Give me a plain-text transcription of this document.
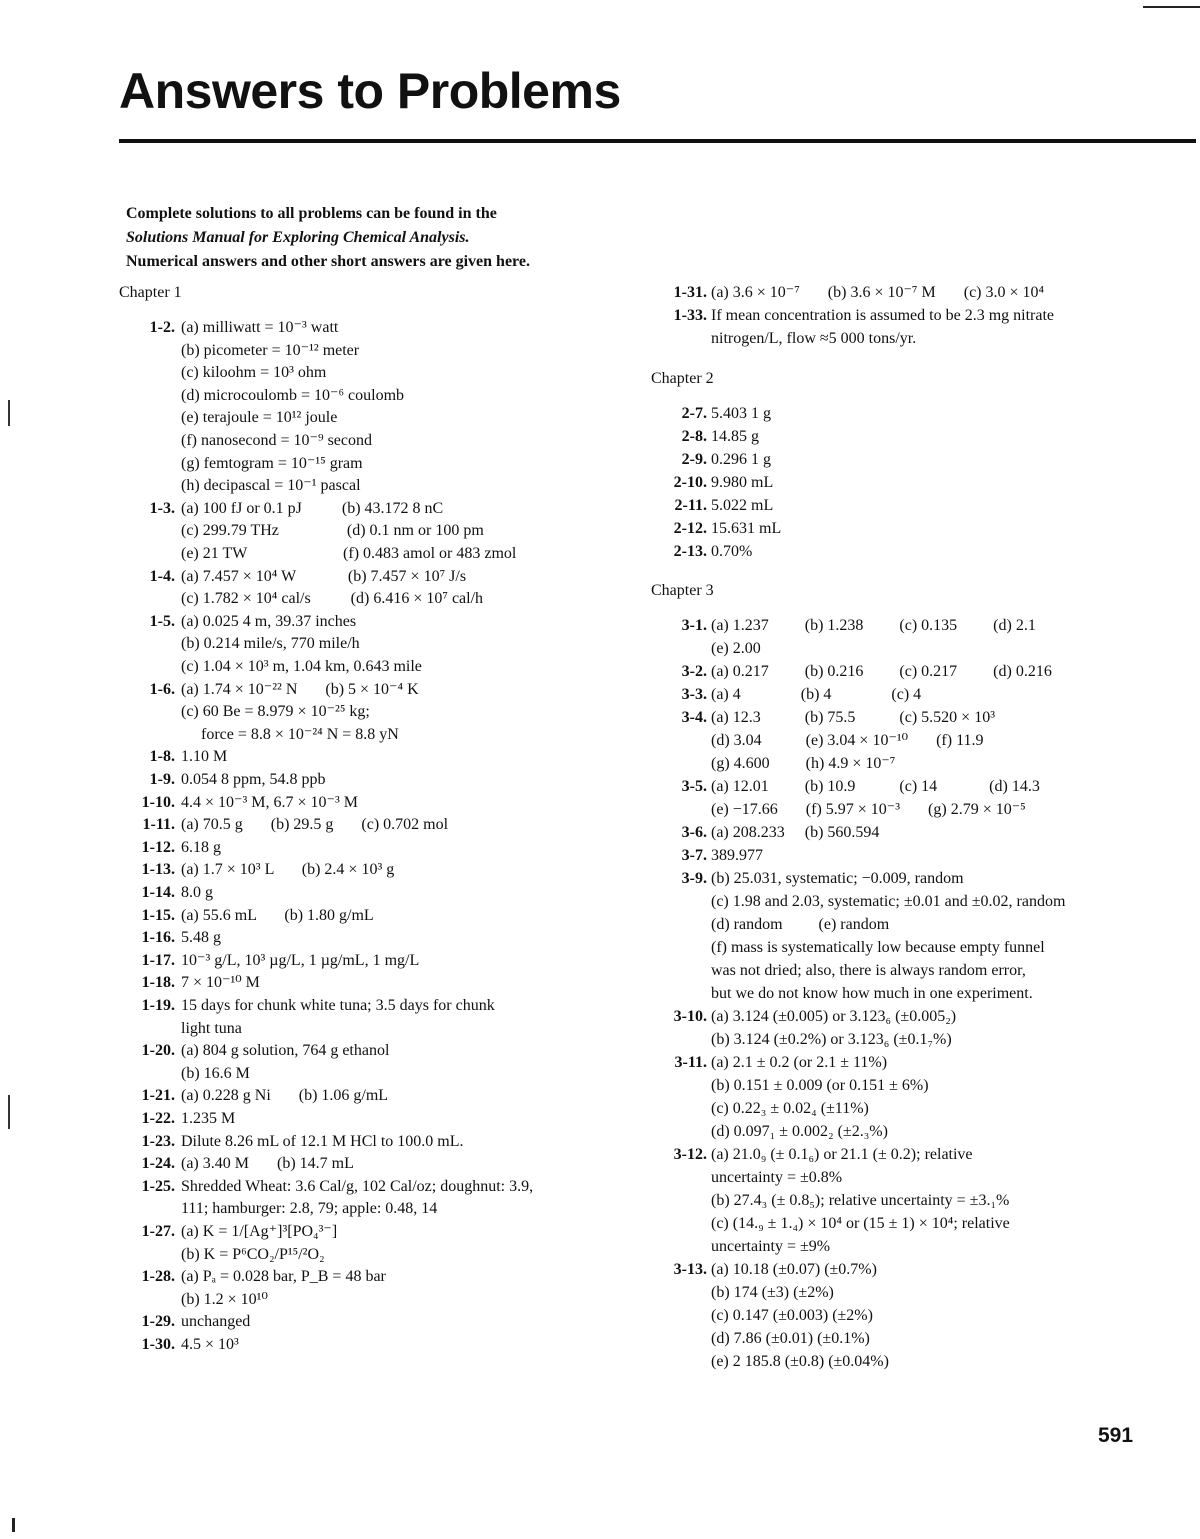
Answers to Problems
Complete solutions to all problems can be found in the
Solutions Manual for Exploring Chemical Analysis.
Numerical answers and other short answers are given here.
Chapter 1
1-2. (a) milliwatt = 10⁻³ watt
(b) picometer = 10⁻¹² meter
(c) kiloohm = 10³ ohm
(d) microcoulomb = 10⁻⁶ coulomb
(e) terajoule = 10¹² joule
(f) nanosecond = 10⁻⁹ second
(g) femtogram = 10⁻¹⁵ gram
(h) decipascal = 10⁻¹ pascal
1-3. (a) 100 fJ or 0.1 pJ          (b) 43.172 8 nC
(c) 299.79 THz                 (d) 0.1 nm or 100 pm
(e) 21 TW                        (f) 0.483 amol or 483 zmol
1-4. (a) 7.457 × 10⁴ W             (b) 7.457 × 10⁷ J/s
(c) 1.782 × 10⁴ cal/s          (d) 6.416 × 10⁷ cal/h
1-5. (a) 0.025 4 m, 39.37 inches
(b) 0.214 mile/s, 770 mile/h
(c) 1.04 × 10³ m, 1.04 km, 0.643 mile
1-6. (a) 1.74 × 10⁻²² N       (b) 5 × 10⁻⁴ K
(c) 60 Be = 8.979 × 10⁻²⁵ kg;
force = 8.8 × 10⁻²⁴ N = 8.8 yN
1-8. 1.10 M
1-9. 0.054 8 ppm, 54.8 ppb
1-10. 4.4 × 10⁻³ M, 6.7 × 10⁻³ M
1-11. (a) 70.5 g       (b) 29.5 g       (c) 0.702 mol
1-12. 6.18 g
1-13. (a) 1.7 × 10³ L       (b) 2.4 × 10³ g
1-14. 8.0 g
1-15. (a) 55.6 mL       (b) 1.80 g/mL
1-16. 5.48 g
1-17. 10⁻³ g/L, 10³ µg/L, 1 µg/mL, 1 mg/L
1-18. 7 × 10⁻¹⁰ M
1-19. 15 days for chunk white tuna; 3.5 days for chunk
light tuna
1-20. (a) 804 g solution, 764 g ethanol
(b) 16.6 M
1-21. (a) 0.228 g Ni       (b) 1.06 g/mL
1-22. 1.235 M
1-23. Dilute 8.26 mL of 12.1 M HCl to 100.0 mL.
1-24. (a) 3.40 M       (b) 14.7 mL
1-25. Shredded Wheat: 3.6 Cal/g, 102 Cal/oz; doughnut: 3.9,
111; hamburger: 2.8, 79; apple: 0.48, 14
1-27. (a) K = 1/[Ag⁺]³[PO₄³⁻]
(b) K = P⁶CO₂/P¹⁵/²O₂
1-28. (a) Pₐ = 0.028 bar, P_B = 48 bar
(b) 1.2 × 10¹⁰
1-29. unchanged
1-30. 4.5 × 10³
Chapter 2
Chapter 3
1-31. (a) 3.6 × 10⁻⁷       (b) 3.6 × 10⁻⁷ M       (c) 3.0 × 10⁴
1-33. If mean concentration is assumed to be 2.3 mg nitrate
nitrogen/L, flow ≈5 000 tons/yr.
2-7. 5.403 1 g
2-8. 14.85 g
2-9. 0.296 1 g
2-10. 9.980 mL
2-11. 5.022 mL
2-12. 15.631 mL
2-13. 0.70%
3-1. (a) 1.237         (b) 1.238         (c) 0.135         (d) 2.1
(e) 2.00
3-2. (a) 0.217         (b) 0.216         (c) 0.217         (d) 0.216
3-3. (a) 4               (b) 4               (c) 4
3-4. (a) 12.3           (b) 75.5           (c) 5.520 × 10³
(d) 3.04           (e) 3.04 × 10⁻¹⁰       (f) 11.9
(g) 4.600         (h) 4.9 × 10⁻⁷
3-5. (a) 12.01         (b) 10.9           (c) 14             (d) 14.3
(e) −17.66       (f) 5.97 × 10⁻³       (g) 2.79 × 10⁻⁵
3-6. (a) 208.233     (b) 560.594
3-7. 389.977
3-9. (b) 25.031, systematic; −0.009, random
(c) 1.98 and 2.03, systematic; ±0.01 and ±0.02, random
(d) random         (e) random
(f) mass is systematically low because empty funnel
was not dried; also, there is always random error,
but we do not know how much in one experiment.
3-10. (a) 3.124 (±0.005) or 3.123₆ (±0.005₂)
(b) 3.124 (±0.2%) or 3.123₆ (±0.1₇%)
3-11. (a) 2.1 ± 0.2 (or 2.1 ± 11%)
(b) 0.151 ± 0.009 (or 0.151 ± 6%)
(c) 0.22₃ ± 0.02₄ (±11%)
(d) 0.097₁ ± 0.002₂ (±2.₃%)
3-12. (a) 21.0₉ (± 0.1₆) or 21.1 (± 0.2); relative
uncertainty = ±0.8%
(b) 27.4₃ (± 0.8₅); relative uncertainty = ±3.₁%
(c) (14.₉ ± 1.₄) × 10⁴ or (15 ± 1) × 10⁴; relative
uncertainty = ±9%
3-13. (a) 10.18 (±0.07) (±0.7%)
(b) 174 (±3) (±2%)
(c) 0.147 (±0.003) (±2%)
(d) 7.86 (±0.01) (±0.1%)
(e) 2 185.8 (±0.8) (±0.04%)
591
